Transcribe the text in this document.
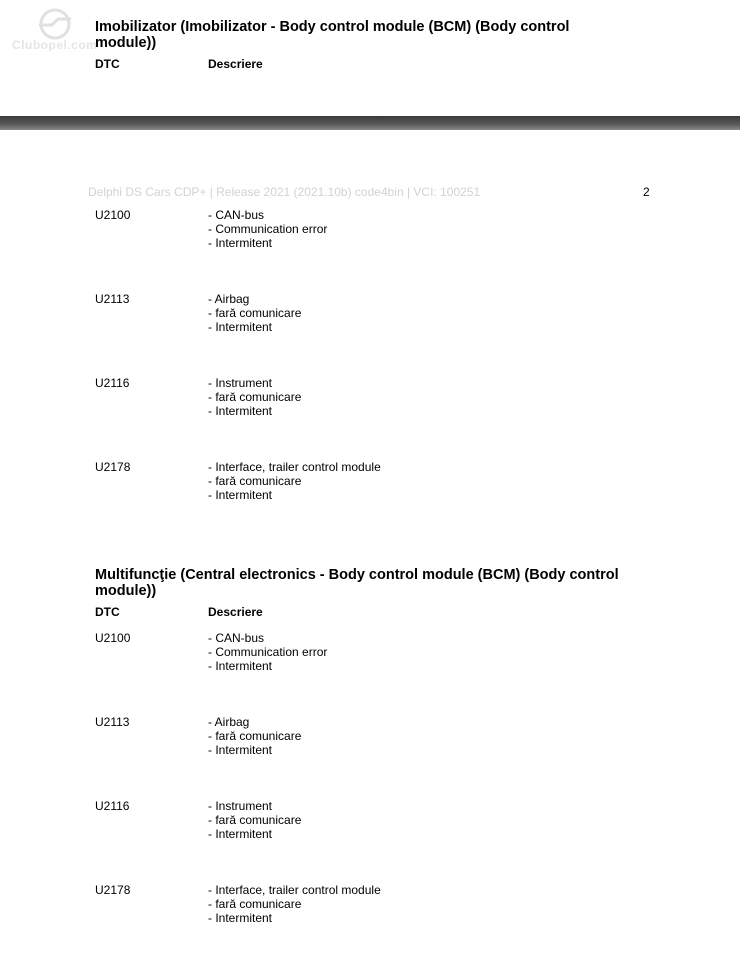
Clubopel.com
Imobilizator (Imobilizator - Body control module (BCM) (Body control module))
DTC	Descriere
Delphi DS Cars CDP+ | Release 2021 (2021.10b) code4bin | VCI: 100251	2
U2100	- CAN-bus
- Communication error
- Intermitent
U2113	- Airbag
- fară comunicare
- Intermitent
U2116	- Instrument
- fară comunicare
- Intermitent
U2178	- Interface, trailer control module
- fară comunicare
- Intermitent
Multifuncţie (Central electronics - Body control module (BCM) (Body control module))
DTC	Descriere
U2100	- CAN-bus
- Communication error
- Intermitent
U2113	- Airbag
- fară comunicare
- Intermitent
U2116	- Instrument
- fară comunicare
- Intermitent
U2178	- Interface, trailer control module
- fară comunicare
- Intermitent
